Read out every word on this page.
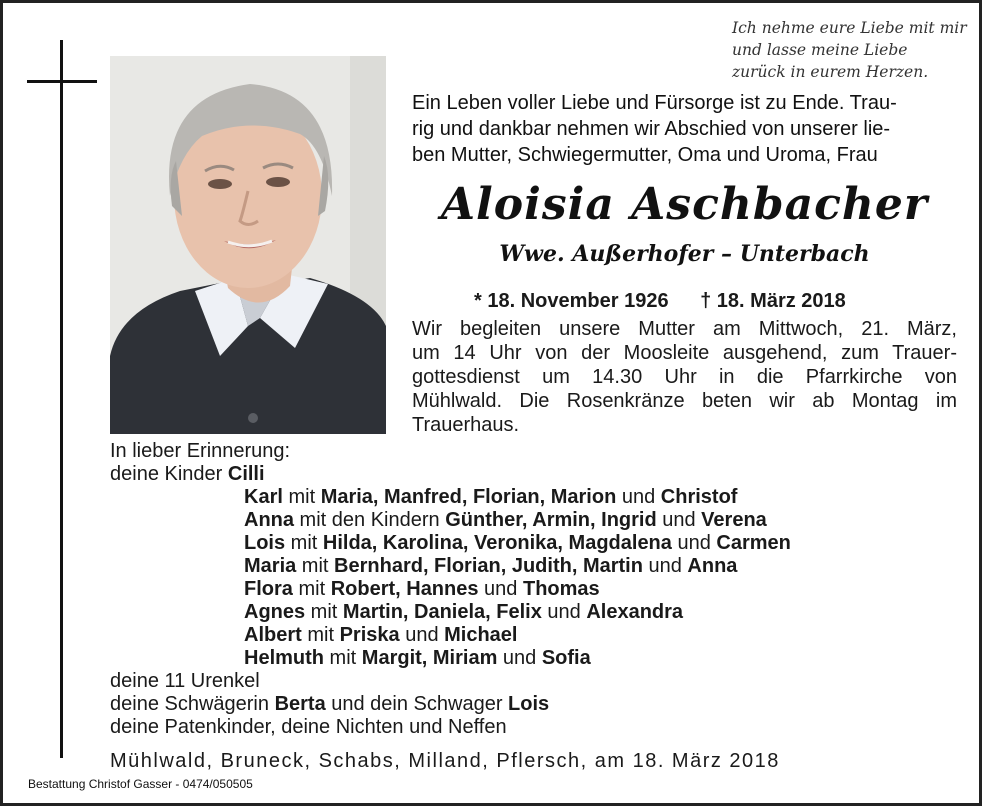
Ich nehme eure Liebe mit mir
und lasse meine Liebe
zurück in eurem Herzen.
Ein Leben voller Liebe und Fürsorge ist zu Ende. Trau-
rig und dankbar nehmen wir Abschied von unserer lie-
ben Mutter, Schwiegermutter, Oma und Uroma, Frau
Aloisia Aschbacher
Wwe. Außerhofer – Unterbach
* 18. November 1926 † 18. März 2018
Wir begleiten unsere Mutter am Mittwoch, 21. März,
um 14 Uhr von der Moosleite ausgehend, zum Trauer-
gottesdienst um 14.30 Uhr in die Pfarrkirche von
Mühlwald. Die Rosenkränze beten wir ab Montag im
Trauerhaus.
In lieber Erinnerung:
deine Kinder Cilli
Karl mit Maria, Manfred, Florian, Marion und Christof
Anna mit den Kindern Günther, Armin, Ingrid und Verena
Lois mit Hilda, Karolina, Veronika, Magdalena und Carmen
Maria mit Bernhard, Florian, Judith, Martin und Anna
Flora mit Robert, Hannes und Thomas
Agnes mit Martin, Daniela, Felix und Alexandra
Albert mit Priska und Michael
Helmuth mit Margit, Miriam und Sofia
deine 11 Urenkel
deine Schwägerin Berta und dein Schwager Lois
deine Patenkinder, deine Nichten und Neffen
Mühlwald, Bruneck, Schabs, Milland, Pflersch, am 18. März 2018
Bestattung Christof Gasser - 0474/050505
